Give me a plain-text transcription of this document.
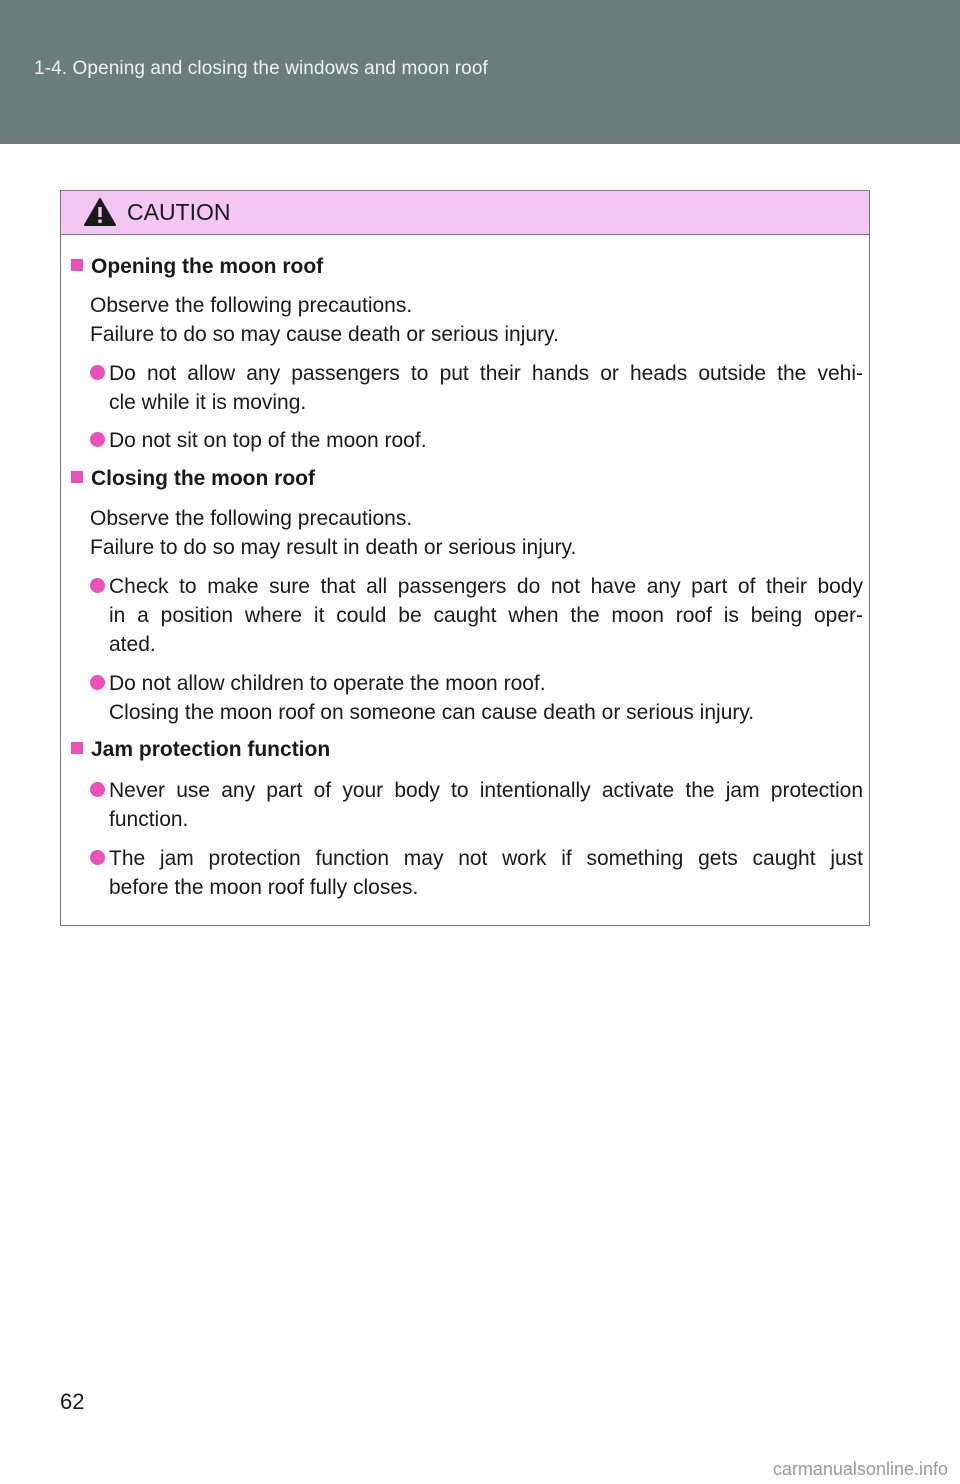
1-4. Opening and closing the windows and moon roof
CAUTION
Opening the moon roof
Observe the following precautions.
Failure to do so may cause death or serious injury.
Do not allow any passengers to put their hands or heads outside the vehi-
cle while it is moving.
Do not sit on top of the moon roof.
Closing the moon roof
Observe the following precautions.
Failure to do so may result in death or serious injury.
Check to make sure that all passengers do not have any part of their body
in a position where it could be caught when the moon roof is being oper-
ated.
Do not allow children to operate the moon roof.
Closing the moon roof on someone can cause death or serious injury.
Jam protection function
Never use any part of your body to intentionally activate the jam protection
function.
The jam protection function may not work if something gets caught just
before the moon roof fully closes.
62
carmanualsonline.info
